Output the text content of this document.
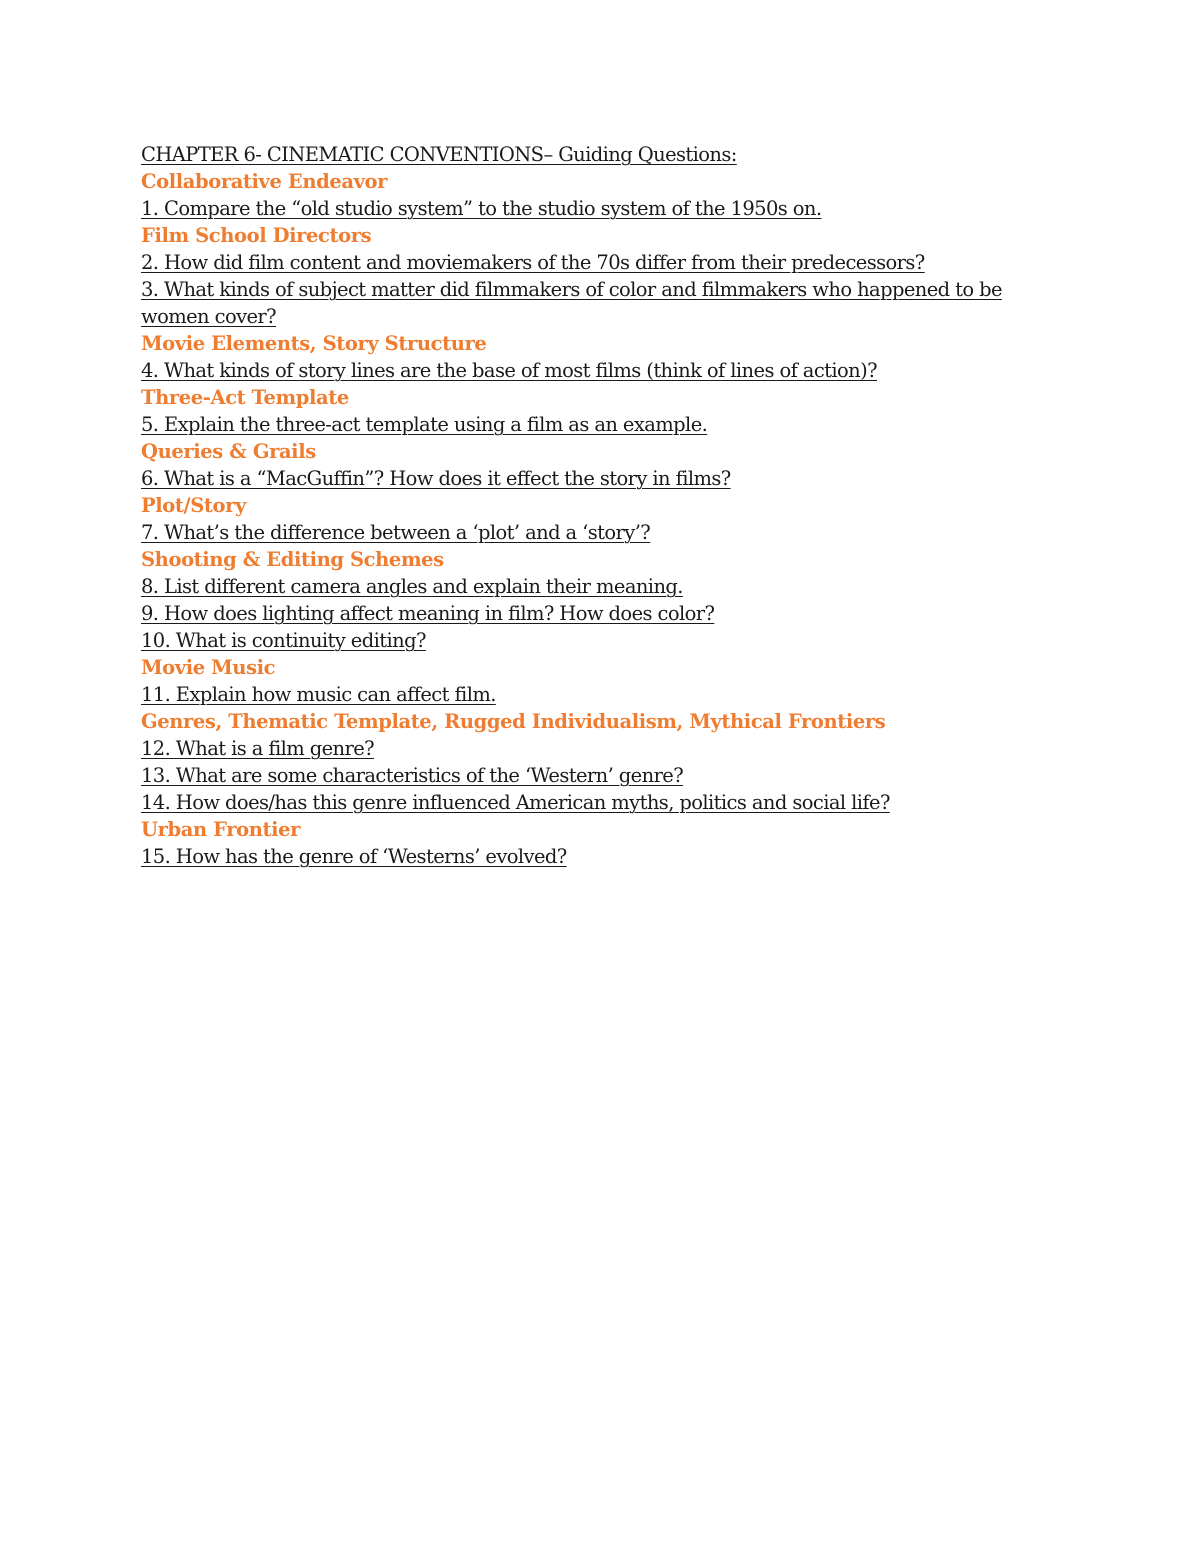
CHAPTER 6- CINEMATIC CONVENTIONS– Guiding Questions:

Collaborative Endeavor

1. Compare the “old studio system” to the studio system of the 1950s on.

Film School Directors

2. How did film content and moviemakers of the 70s differ from their predecessors?

3. What kinds of subject matter did filmmakers of color and filmmakers who happened to be women cover?

Movie Elements, Story Structure

4. What kinds of story lines are the base of most films (think of lines of action)?

Three-Act Template

5. Explain the three-act template using a film as an example.

Queries & Grails

6. What is a “MacGuffin”? How does it effect the story in films?

Plot/Story

7. What’s the difference between a ‘plot’ and a ‘story’?

Shooting & Editing Schemes

8. List different camera angles and explain their meaning.

9. How does lighting affect meaning in film? How does color?

10. What is continuity editing?

Movie Music

11. Explain how music can affect film.

Genres, Thematic Template, Rugged Individualism, Mythical Frontiers

12. What is a film genre?

13. What are some characteristics of the ‘Western’ genre?

14. How does/has this genre influenced American myths, politics and social life?

Urban Frontier

15. How has the genre of ‘Westerns’ evolved?
